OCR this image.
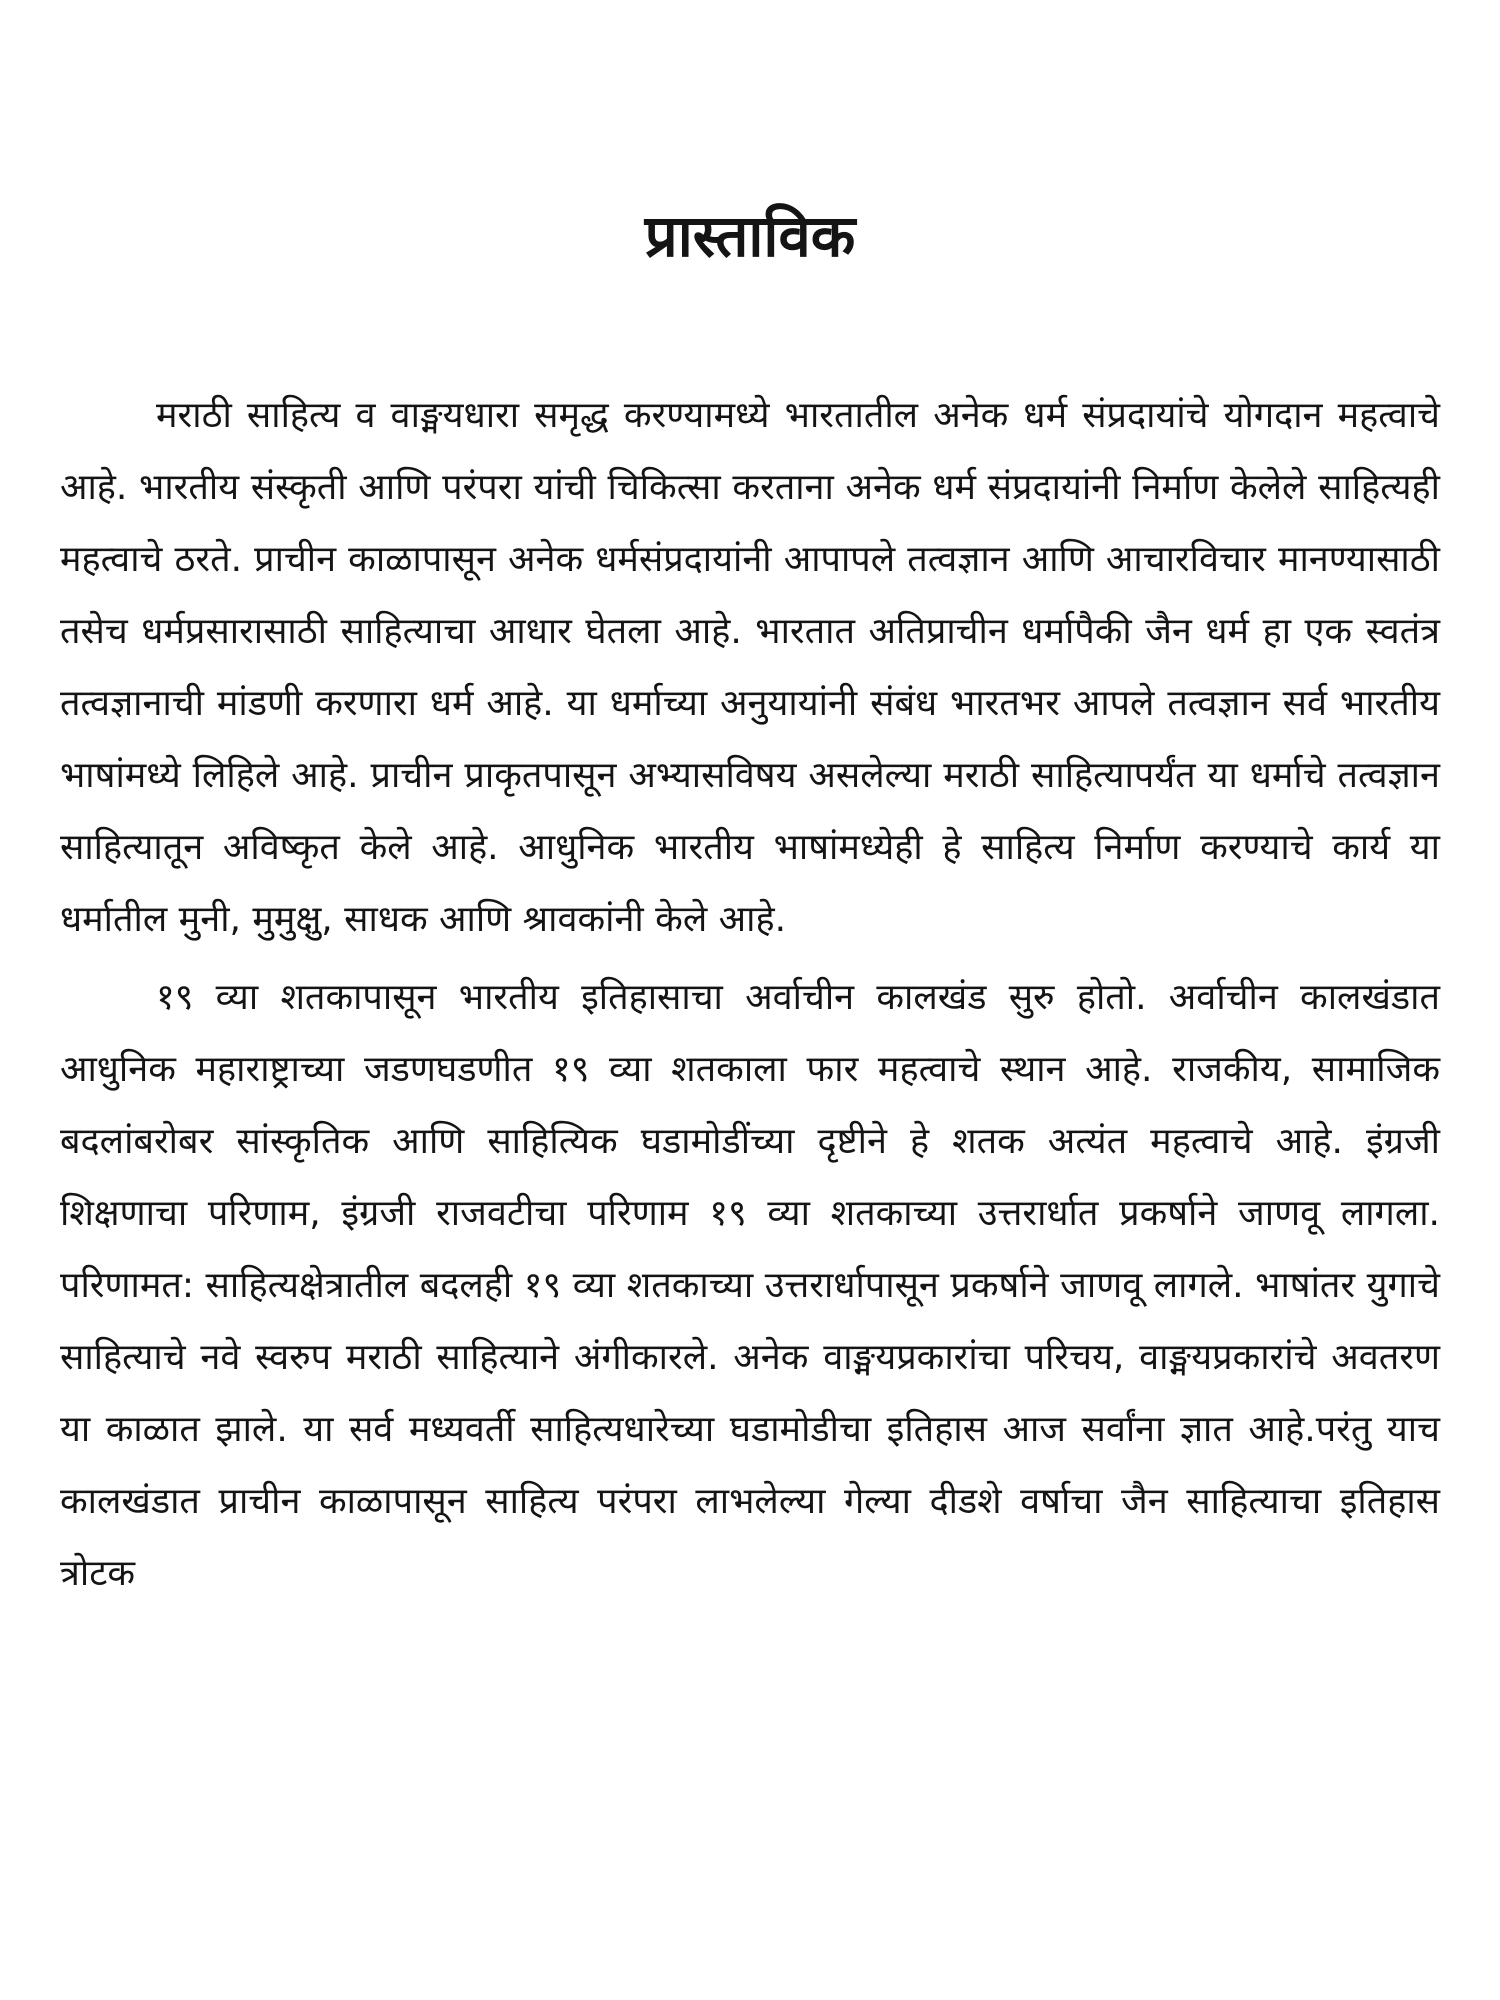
प्रास्ताविक

मराठी साहित्य व वाङ्मयधारा समृद्ध करण्यामध्ये भारतातील अनेक धर्म संप्रदायांचे योगदान महत्वाचे आहे. भारतीय संस्कृती आणि परंपरा यांची चिकित्सा करताना अनेक धर्म संप्रदायांनी निर्माण केलेले साहित्यही महत्वाचे ठरते. प्राचीन काळापासून अनेक धर्मसंप्रदायांनी आपापले तत्वज्ञान आणि आचारविचार मानण्यासाठी तसेच धर्मप्रसारासाठी साहित्याचा आधार घेतला आहे. भारतात अतिप्राचीन धर्मापैकी जैन धर्म हा एक स्वतंत्र तत्वज्ञानाची मांडणी करणारा धर्म आहे. या धर्माच्या अनुयायांनी संबंध भारतभर आपले तत्वज्ञान सर्व भारतीय भाषांमध्ये लिहिले आहे. प्राचीन प्राकृतपासून अभ्यासविषय असलेल्या मराठी साहित्यापर्यंत या धर्माचे तत्वज्ञान साहित्यातून अविष्कृत केले आहे. आधुनिक भारतीय भाषांमध्येही हे साहित्य निर्माण करण्याचे कार्य या धर्मातील मुनी, मुमुक्षु, साधक आणि श्रावकांनी केले आहे.

१९ व्या शतकापासून भारतीय इतिहासाचा अर्वाचीन कालखंड सुरु होतो. अर्वाचीन कालखंडात आधुनिक महाराष्ट्राच्या जडणघडणीत १९ व्या शतकाला फार महत्वाचे स्थान आहे. राजकीय, सामाजिक बदलांबरोबर सांस्कृतिक आणि साहित्यिक घडामोडींच्या दृष्टीने हे शतक अत्यंत महत्वाचे आहे. इंग्रजी शिक्षणाचा परिणाम, इंग्रजी राजवटीचा परिणाम १९ व्या शतकाच्या उत्तरार्धात प्रकर्षाने जाणवू लागला. परिणामत: साहित्यक्षेत्रातील बदलही १९ व्या शतकाच्या उत्तरार्धापासून प्रकर्षाने जाणवू लागले. भाषांतर युगाचे साहित्याचे नवे स्वरुप मराठी साहित्याने अंगीकारले. अनेक वाङ्मयप्रकारांचा परिचय, वाङ्मयप्रकारांचे अवतरण या काळात झाले. या सर्व मध्यवर्ती साहित्यधारेच्या घडामोडीचा इतिहास आज सर्वांना ज्ञात आहे.परंतु याच कालखंडात प्राचीन काळापासून साहित्य परंपरा लाभलेल्या गेल्या दीडशे वर्षाचा जैन साहित्याचा इतिहास त्रोटक
